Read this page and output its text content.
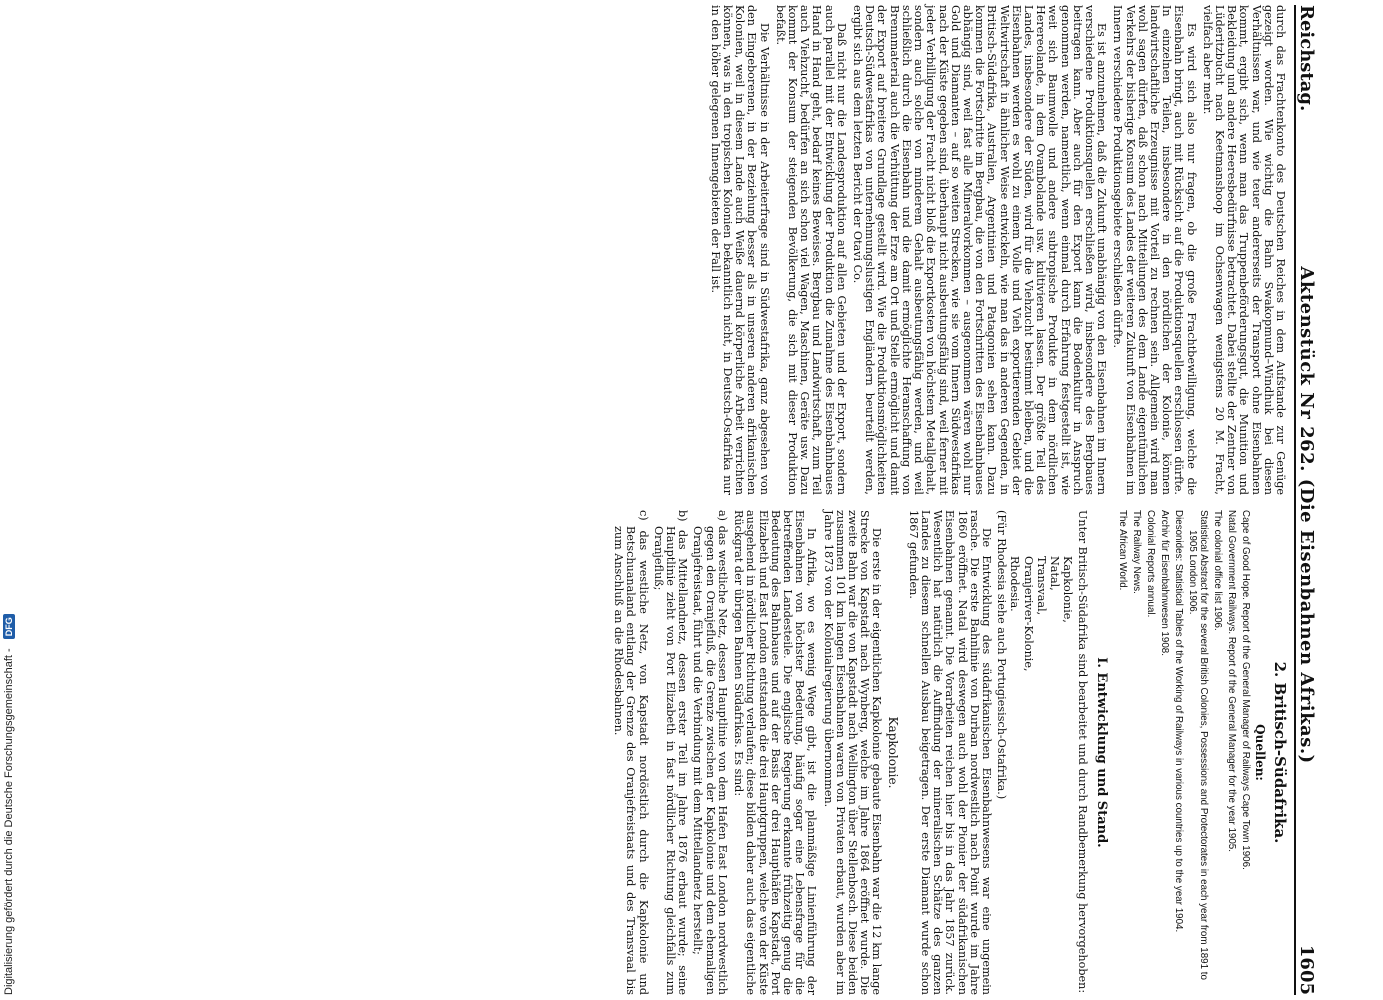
Reichstag.
Aktenstück Nr 262. (Die Eisenbahnen Afrikas.)
1605

durch das Frachtenkonto des Deutschen Reiches in dem Aufstande zur Genüge gezeigt worden. Wie wichtig die Bahn Swakopmund–Windhuk bei diesen Verhältnissen war, und wie teuer andererseits der Transport ohne Eisenbahnen kommt, ergibt sich, wenn man das Truppenbeförderungsgut, die Munition und Bekleidung und andere Heeresbedürfnisse betrachtet. Dabei stellte der Zentner von Lüderitzbucht nach Keetmanshoop im Ochsenwagen wenigstens 20 M. Fracht, vielfach aber mehr.

Es wird sich also nur fragen, ob die große Frachtbewilligung, welche die Eisenbahn bringt, auch mit Rücksicht auf die Produktionsquellen erschlossen dürfte. In einzelnen Teilen, insbesondere in den nördlichen der Kolonie, können landwirtschaftliche Erzeugnisse mit Vorteil zu rechnen sein. Allgemein wird man wohl sagen dürfen, daß schon nach Mitteilungen des dem Lande eigentümlichen Verkehrs der bisherige Konsum des Landes der weiteren Zukunft von Eisenbahnen im Innern verschiedene Produktionsgebiete erschließen dürfte.

Es ist anzunehmen, daß die Zukunft unabhängig von den Eisenbahnen im Innern verschiedene Produktionsquellen erschließen wird, insbesondere des Bergbaues beitragen kann. Aber auch für den Export kann die Bodenkultur in Anspruch genommen werden, namentlich, wenn einmal durch Erfahrung festgestellt ist, wie weit sich Baumwolle und andere subtropische Produkte in dem nördlichen Herereolande, in dem Ovambolande usw. kultivieren lassen. Der größte Teil des Landes, insbesondere der Süden, wird für die Viehzucht bestimmt bleiben, und die Eisenbahnen werden es wohl zu einem Volle und Vieh exportierenden Gebiet der Weltwirtschaft in ähnlicher Weise entwickeln, wie man das in anderen Gegenden, in Britisch-Südafrika, Australien, Argentinien und Patagonien sehen kann. Dazu kommen die Fortschritte im Bergbau, die von den Fortschritten des Eisenbahnbaues abhängig sind, weil fast alle Mineralvorkommen – ausgenommen wären wohl nur Gold und Diamanten – auf so weiten Strecken, wie sie vom Innern Südwestafrikas nach der Küste gegeben sind, überhaupt nicht ausbeutungsfähig sind, weil ferner mit jeder Verbilligung der Fracht nicht bloß die Exportkosten von höchstem Metallgehalt, sondern auch solche von minderem Gehalt ausbeutungsfähig werden, und weil schließlich durch die Eisenbahn und die damit ermöglichte Heranschaffung von Brennmaterial auch die Verhüttung der Erze am Ort und Stelle ermöglicht und damit der Export auf breitere Grundlage gestellt wird. Wie die Produktionsmöglichkeiten Deutsch-Südwestafrikas von unternehmungslustigen Engländern beurteilt werden, ergibt sich aus dem letzten Bericht der Otavi Co.

Daß nicht nur die Landesproduktion auf allen Gebieten und der Export, sondern auch parallel mit der Entwicklung der Produktion die Zunahme des Eisenbahnbaues Hand in Hand geht, bedarf keines Beweises. Bergbau und Landwirtschaft, zum Teil auch Viehzucht, bedürfen an sich schon viel Wagen, Maschinen, Geräte usw. Dazu kommt der Konsum der steigenden Bevölkerung, die sich mit dieser Produktion befaßt.

Die Verhältnisse in der Arbeiterfrage sind in Südwestafrika, ganz abgesehen von den Eingeborenen, in der Beziehung besser als in unseren anderen afrikanischen Kolonien, weil in diesem Lande auch Weiße dauernd körperliche Arbeit verrichten können, was in den tropischen Kolonien bekanntlich nicht, in Deutsch-Ostafrika nur in den höher gelegenen Innengebieten der Fall ist.

2. Britisch-Südafrika.
Quellen:
Cape of Good Hope. Report of the General Manager of Railways Cape Town 1906.
Natal Government Railways. Report of the General Manager for the year 1905.
The colonial office list 1906.
Statistical Abstract for the several British Colonies, Possessions and Protectorates in each year from 1891 to 1905 London 1906.
Diesonides: Statistical Tables of the Working of Railways in various countries up to the year 1904.
Archiv für Eisenbahnwesen 1908.
Colonial Reports annual.
The Railway News.
The African World.
I. Entwicklung und Stand.
Unter Britisch-Südafrika sind bearbeitet und durch Randbemerkung hervorgehoben:
Kapkolonie,
Natal,
Transvaal,
Oranjeriver-Kolonie,
Rhodesia.
(Für Rhodesia siehe auch Portugiesisch-Ostafrika.)

Die Entwicklung des südafrikanischen Eisenbahnwesens war eine ungemein rasche. Die erste Bahnlinie von Durban nordwestlich nach Point wurde im Jahre 1860 eröffnet. Natal wird deswegen auch wohl der Pionier der südafrikanischen Eisenbahnen genannt. Die Vorarbeiten reichen hier bis in das Jahr 1857 zurück. Wesentlich hat natürlich die Auffindung der mineralischen Schätze des ganzen Landes zu diesem schnellen Ausbau beigetragen. Der erste Diamant wurde schon 1867 gefunden.

Kapkolonie.

Die erste in der eigentlichen Kapkolonie gebaute Eisenbahn war die 12 km lange Strecke von Kapstadt nach Wynberg, welche im Jahre 1864 eröffnet wurde. Die zweite Bahn war die von Kapstadt nach Wellington über Stellenbosch. Diese beiden zusammen 101 km langen Eisenbahnen waren von Privaten erbaut, wurden aber im Jahre 1873 von der Kolonialregierung übernommen.

In Afrika, wo es wenig Wege gibt, ist die planmäßige Linienführung der Eisenbahnen von höchster Bedeutung, häufig sogar eine Lebensfrage für die betreffenden Landesteile. Die englische Regierung erkannte frühzeitig genug die Bedeutung des Bahnbaues und auf der Basis der drei Haupthäfen Kapstadt, Port Elizabeth und East London entstanden die drei Hauptgruppen, welche von der Küste ausgehend in nördlicher Richtung verlaufen; diese bilden daher auch das eigentliche Rückgrat der übrigen Bahnen Südafrikas. Es sind:

a) das westliche Netz, dessen Hauptlinie von dem Hafen East London nordwestlich gegen den Oranjefluß, die Grenze zwischen der Kapkolonie und dem ehemaligen Oranjefreistaat, führt und die Verbindung mit dem Mittellandnetz herstellt;
b) das Mittellandnetz, dessen erster Teil im Jahre 1876 erbaut wurde; seine Hauptlinie zieht von Port Elizabeth in fast nördlicher Richtung gleichfalls zum Oranjefluß;
c) das westliche Netz, von Kapstadt nordöstlich durch die Kapkolonie und Betschuanaland entlang der Grenze des Oranjefreistaats und des Transvaal bis zum Anschluß an die Rhodesbahnen.
Digitalisierung gefördert durch die Deutsche Forschungsgemeinschaft - DFG
